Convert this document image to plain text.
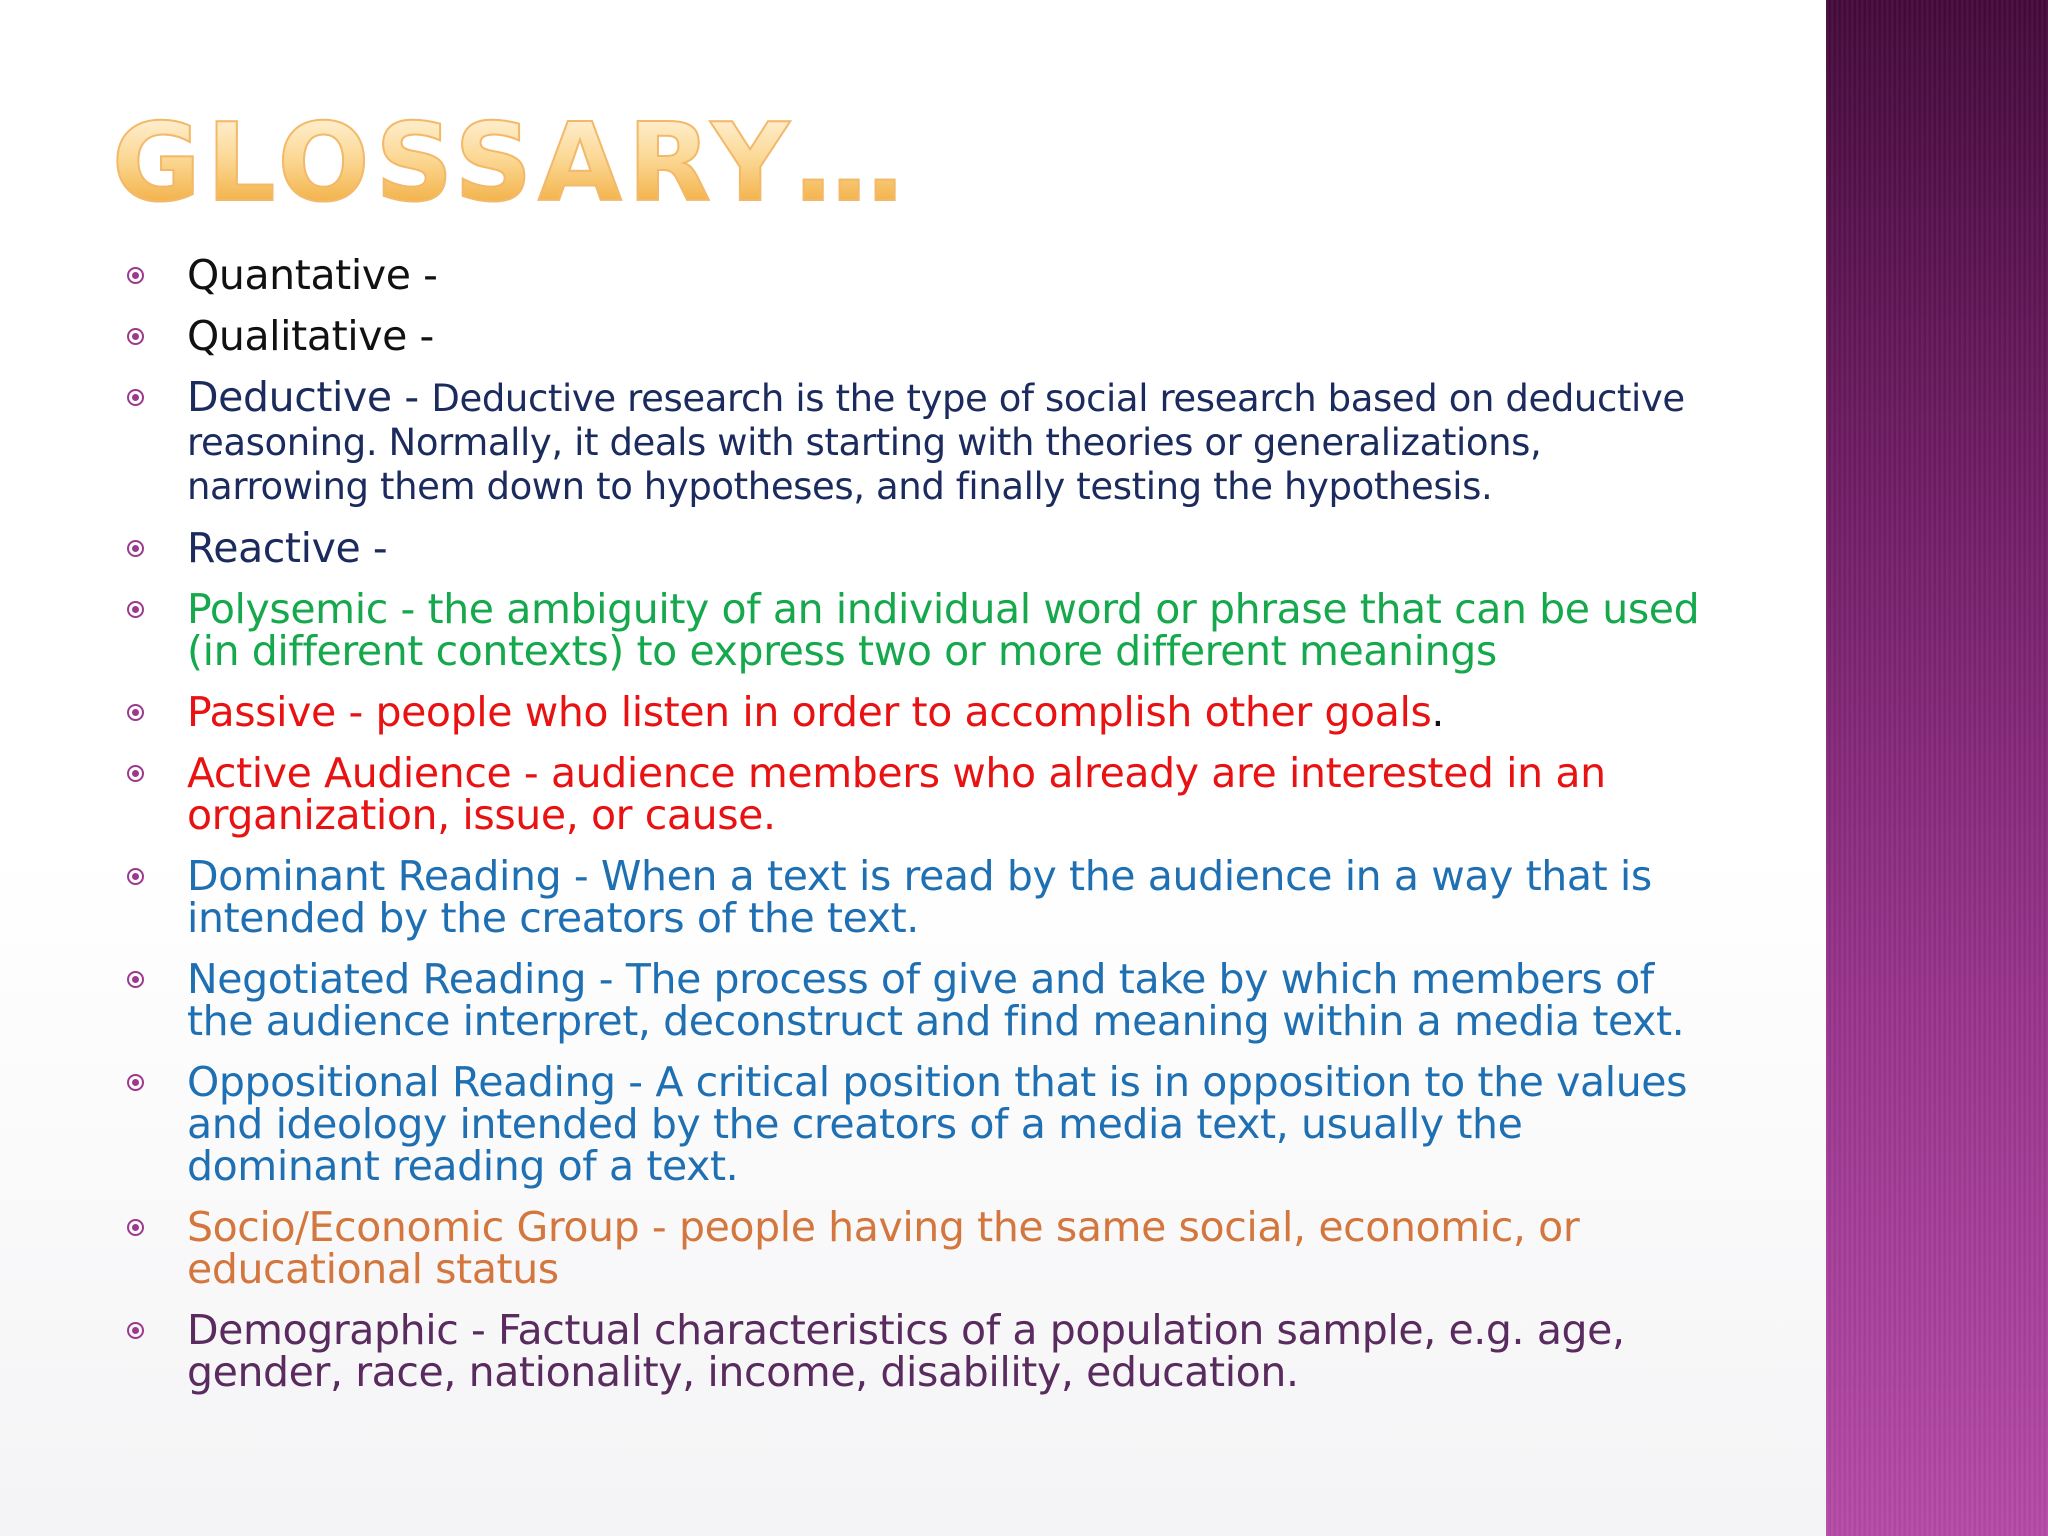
GLOSSARY…
Quantative -
Qualitative -
Deductive - Deductive research is the type of social research based on deductive reasoning. Normally, it deals with starting with theories or generalizations, narrowing them down to hypotheses, and finally testing the hypothesis.
Reactive -
Polysemic - the ambiguity of an individual word or phrase that can be used (in different contexts) to express two or more different meanings
Passive - people who listen in order to accomplish other goals.
Active Audience - audience members who already are interested in an organization, issue, or cause.
Dominant Reading - When a text is read by the audience in a way that is intended by the creators of the text.
Negotiated Reading - The process of give and take by which members of the audience interpret, deconstruct and find meaning within a media text.
Oppositional Reading - A critical position that is in opposition to the values and ideology intended by the creators of a media text, usually the dominant reading of a text.
Socio/Economic Group - people having the same social, economic, or educational status
Demographic - Factual characteristics of a population sample, e.g. age, gender, race, nationality, income, disability, education.
